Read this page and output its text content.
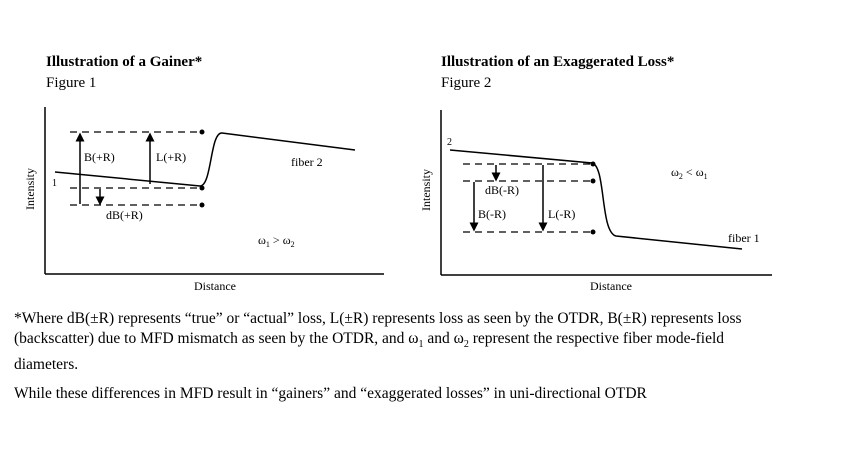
Illustration of a Gainer*
Figure 1
Illustration of an Exaggerated Loss*
Figure 2
Intensity
Distance
1
B(+R)	L(+R)
dB(+R)
fiber 2
$\omega_1 > \omega_2$
Intensity
Distance
2
dB(-R)
B(-R)	L(-R)
fiber 1
$\omega_2 < \omega_1$
*Where dB(±R) represents “true” or “actual” loss, L(±R) represents loss as seen by the OTDR, B(±R) represents loss (backscatter) due to MFD mismatch as seen by the OTDR, and $\omega_1$ and $\omega_2$ represent the respective fiber mode-field diameters.
While these differences in MFD result in “gainers” and “exaggerated losses” in uni-directional OTDR
